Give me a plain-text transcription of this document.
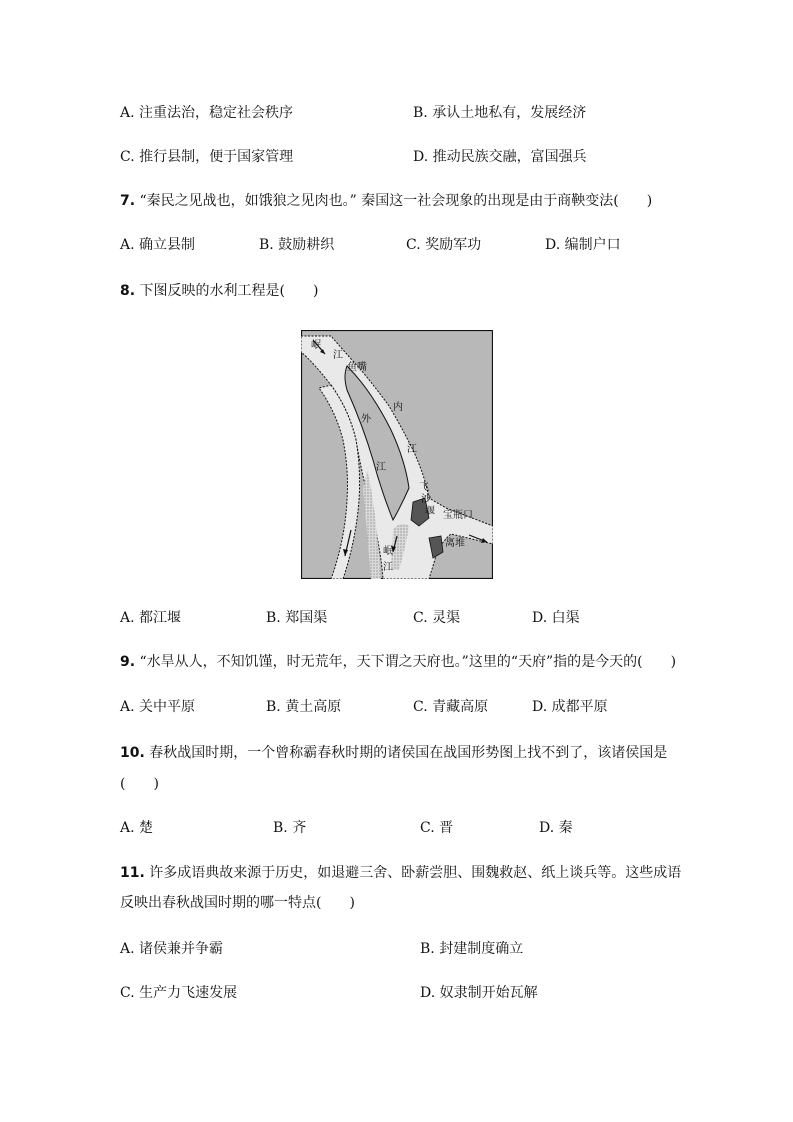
A. 注重法治，稳定社会秩序	B. 承认土地私有，发展经济
C. 推行县制，便于国家管理	D. 推动民族交融，富国强兵
7. “秦民之见战也，如饿狼之见肉也。” 秦国这一社会现象的出现是由于商鞅变法(　　)
A. 确立县制	B. 鼓励耕织	C. 奖励军功	D. 编制户口
8. 下图反映的水利工程是(　　)
岷
江
鱼嘴
内
江
外
江
飞
沙
堰 宝瓶口
离堆
岷
江
A. 都江堰	B. 郑国渠	C. 灵渠	D. 白渠
9. “水旱从人，不知饥馑，时无荒年，天下谓之天府也。”这里的“天府”指的是今天的(　　)
A. 关中平原	B. 黄土高原	C. 青藏高原	D. 成都平原
10. 春秋战国时期，一个曾称霸春秋时期的诸侯国在战国形势图上找不到了，该诸侯国是
(　　)
A. 楚	B. 齐	C. 晋	D. 秦
11. 许多成语典故来源于历史，如退避三舍、卧薪尝胆、围魏救赵、纸上谈兵等。这些成语
反映出春秋战国时期的哪一特点(　　)
A. 诸侯兼并争霸	B. 封建制度确立
C. 生产力飞速发展	D. 奴隶制开始瓦解
